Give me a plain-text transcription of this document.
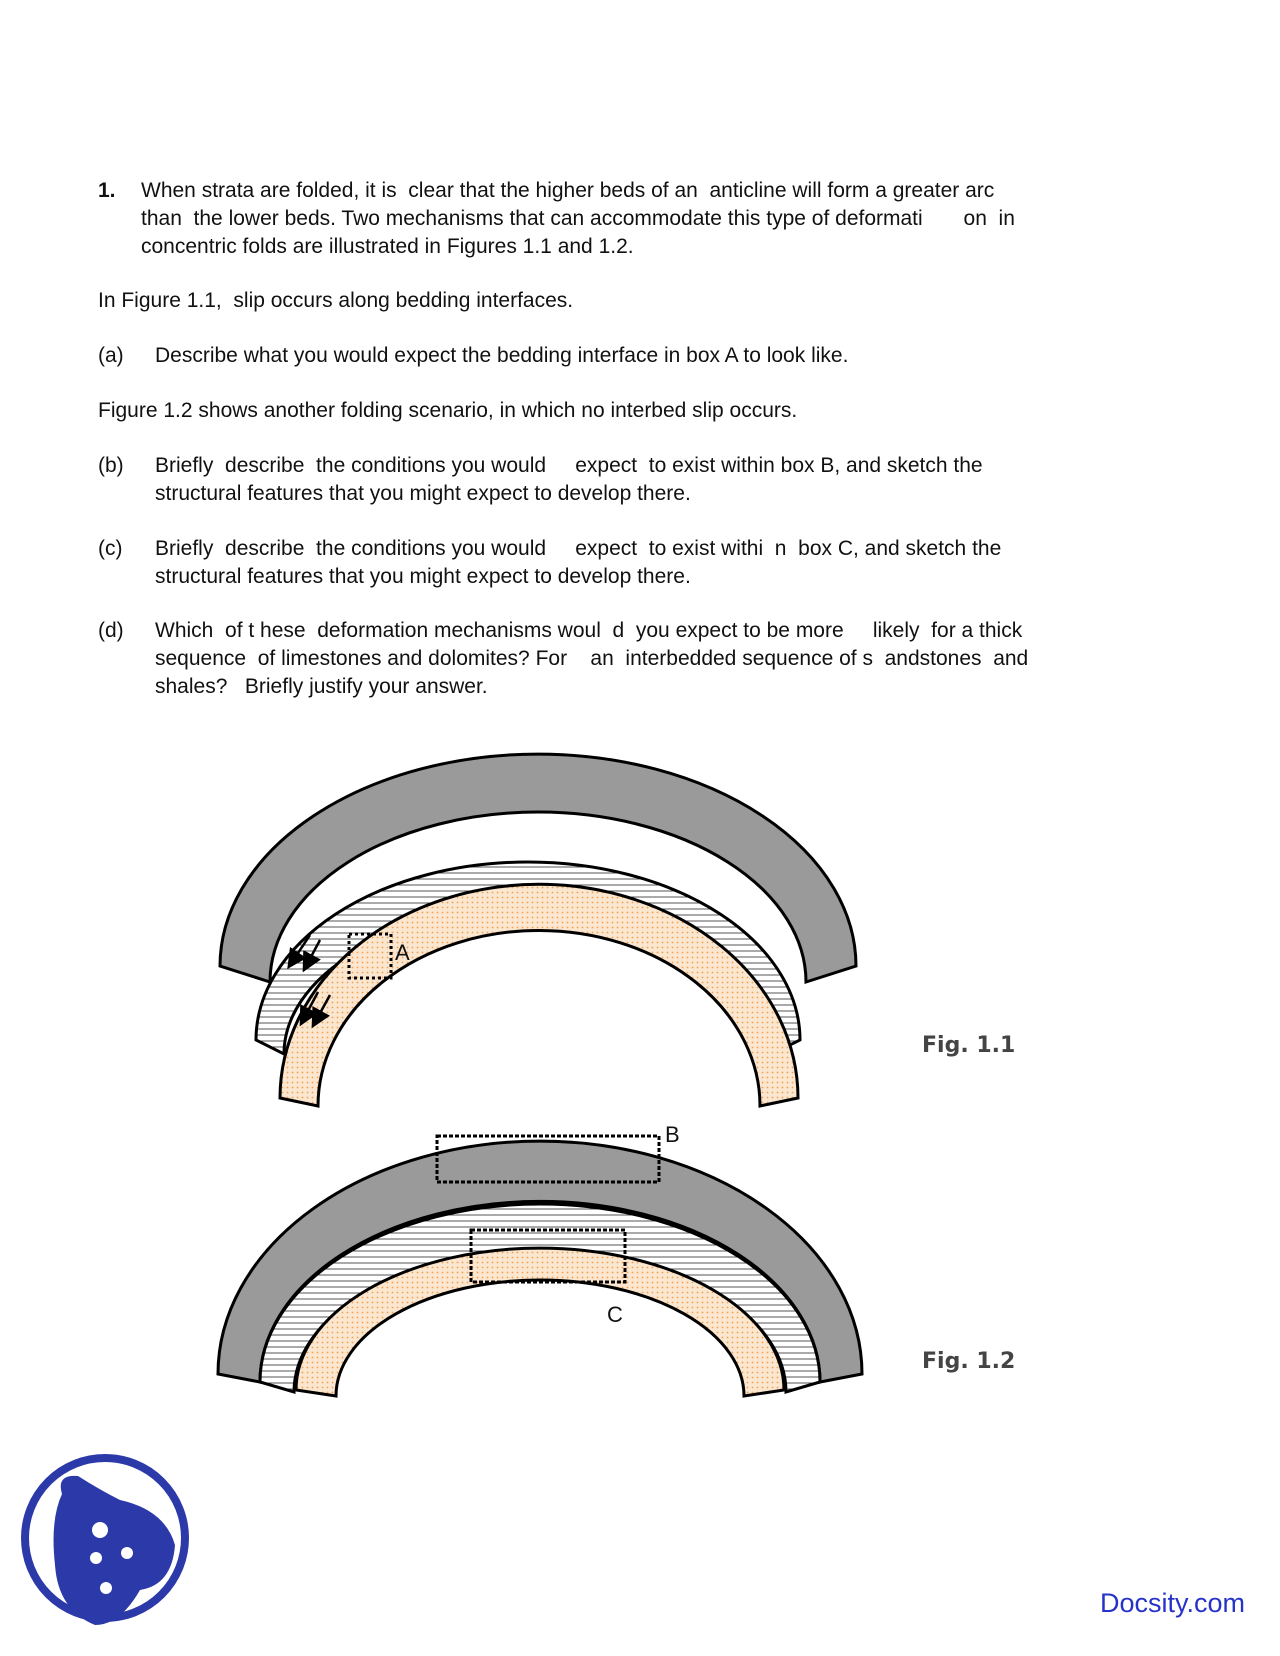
1. When strata are folded, it is  clear that the higher beds of an  anticline will form a greater arc
than  the lower beds. Two mechanisms that can accommodate this type of deformati       on  in
concentric folds are illustrated in Figures 1.1 and 1.2.
In Figure 1.1,  slip occurs along bedding interfaces.
(a) Describe what you would expect the bedding interface in box A to look like.
Figure 1.2 shows another folding scenario, in which no interbed slip occurs.
(b) Briefly  describe  the conditions you would     expect  to exist within box B, and sketch the
structural features that you might expect to develop there.
(c) Briefly  describe  the conditions you would     expect  to exist withi  n  box C, and sketch the
structural features that you might expect to develop there.
(d) Which  of t hese  deformation mechanisms woul  d  you expect to be more     likely  for a thick
sequence  of limestones and dolomites? For    an  interbedded sequence of s  andstones  and
shales?   Briefly justify your answer.
A
Fig. 1.1
B
C
Fig. 1.2
Docsity.com
